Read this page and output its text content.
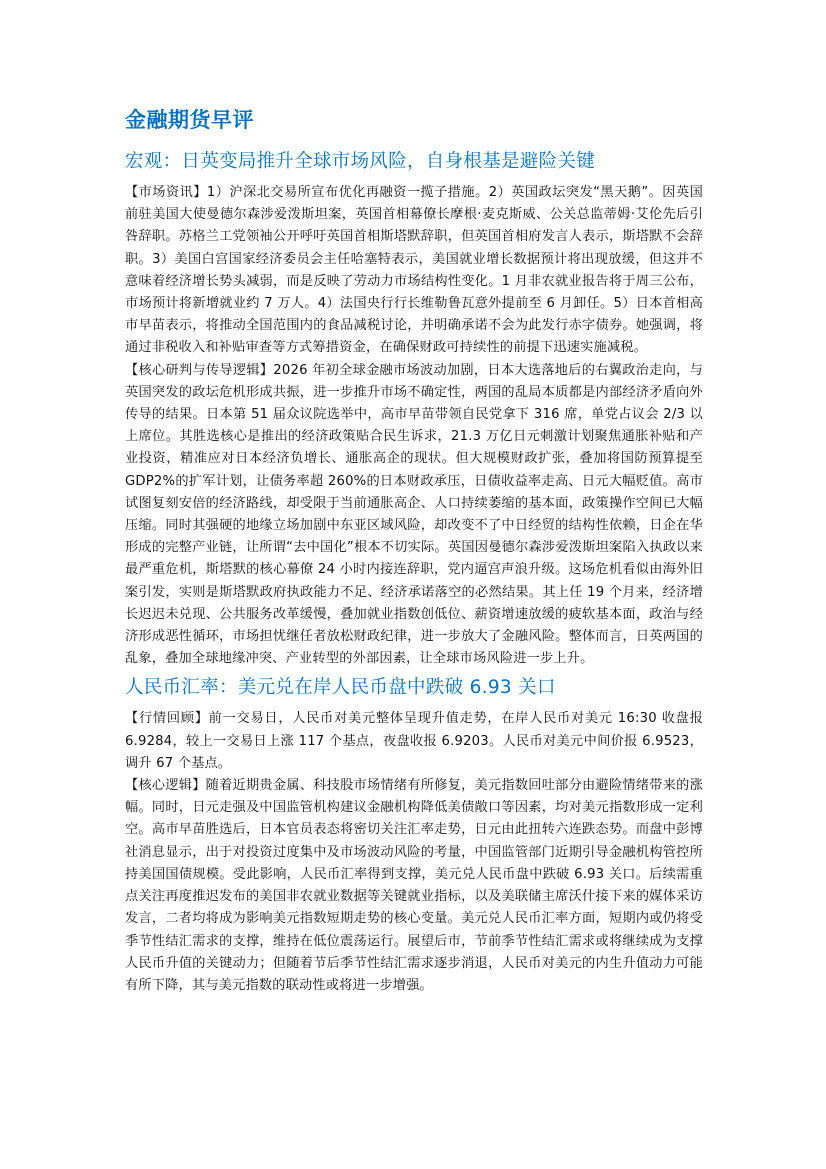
金融期货早评
宏观：日英变局推升全球市场风险，自身根基是避险关键

【市场资讯】1）沪深北交易所宣布优化再融资一揽子措施。2）英国政坛突发“黑天鹅”。因英国前驻美国大使曼德尔森涉爱泼斯坦案，英国首相幕僚长摩根·麦克斯威、公关总监蒂姆·艾伦先后引咎辞职。苏格兰工党领袖公开呼吁英国首相斯塔默辞职，但英国首相府发言人表示，斯塔默不会辞职。3）美国白宫国家经济委员会主任哈塞特表示，美国就业增长数据预计将出现放缓，但这并不意味着经济增长势头减弱，而是反映了劳动力市场结构性变化。1 月非农就业报告将于周三公布，市场预计将新增就业约 7 万人。4）法国央行行长维勒鲁瓦意外提前至 6 月卸任。5）日本首相高市早苗表示，将推动全国范围内的食品减税讨论，并明确承诺不会为此发行赤字债券。她强调，将通过非税收入和补贴审查等方式筹措资金，在确保财政可持续性的前提下迅速实施减税。

【核心研判与传导逻辑】2026 年初全球金融市场波动加剧，日本大选落地后的右翼政治走向，与英国突发的政坛危机形成共振，进一步推升市场不确定性，两国的乱局本质都是内部经济矛盾向外传导的结果。日本第 51 届众议院选举中，高市早苗带领自民党拿下 316 席，单党占议会 2/3 以上席位。其胜选核心是推出的经济政策贴合民生诉求，21.3 万亿日元刺激计划聚焦通胀补贴和产业投资，精准应对日本经济负增长、通胀高企的现状。但大规模财政扩张，叠加将国防预算提至 GDP2%的扩军计划，让债务率超 260%的日本财政承压，日债收益率走高、日元大幅贬值。高市试图复刻安倍的经济路线，却受限于当前通胀高企、人口持续萎缩的基本面，政策操作空间已大幅压缩。同时其强硬的地缘立场加剧中东亚区域风险，却改变不了中日经贸的结构性依赖，日企在华形成的完整产业链，让所谓“去中国化”根本不切实际。英国因曼德尔森涉爱泼斯坦案陷入执政以来最严重危机，斯塔默的核心幕僚 24 小时内接连辞职，党内逼宫声浪升级。这场危机看似由海外旧案引发，实则是斯塔默政府执政能力不足、经济承诺落空的必然结果。其上任 19 个月来，经济增长迟迟未兑现、公共服务改革缓慢，叠加就业指数创低位、薪资增速放缓的疲软基本面，政治与经济形成恶性循环，市场担忧继任者放松财政纪律，进一步放大了金融风险。整体而言，日英两国的乱象，叠加全球地缘冲突、产业转型的外部因素，让全球市场风险进一步上升。

人民币汇率：美元兑在岸人民币盘中跌破 6.93 关口

【行情回顾】前一交易日，人民币对美元整体呈现升值走势，在岸人民币对美元 16:30 收盘报 6.9284，较上一交易日上涨 117 个基点，夜盘收报 6.9203。人民币对美元中间价报 6.9523，调升 67 个基点。

【核心逻辑】随着近期贵金属、科技股市场情绪有所修复，美元指数回吐部分由避险情绪带来的涨幅。同时，日元走强及中国监管机构建议金融机构降低美债敞口等因素，均对美元指数形成一定利空。高市早苗胜选后，日本官员表态将密切关注汇率走势，日元由此扭转六连跌态势。而盘中彭博社消息显示，出于对投资过度集中及市场波动风险的考量，中国监管部门近期引导金融机构管控所持美国国债规模。受此影响，人民币汇率得到支撑，美元兑人民币盘中跌破 6.93 关口。后续需重点关注再度推迟发布的美国非农就业数据等关键就业指标，以及美联储主席沃什接下来的媒体采访发言，二者均将成为影响美元指数短期走势的核心变量。美元兑人民币汇率方面，短期内或仍将受季节性结汇需求的支撑，维持在低位震荡运行。展望后市，节前季节性结汇需求或将继续成为支撑人民币升值的关键动力；但随着节后季节性结汇需求逐步消退，人民币对美元的内生升值动力可能有所下降，其与美元指数的联动性或将进一步增强。
